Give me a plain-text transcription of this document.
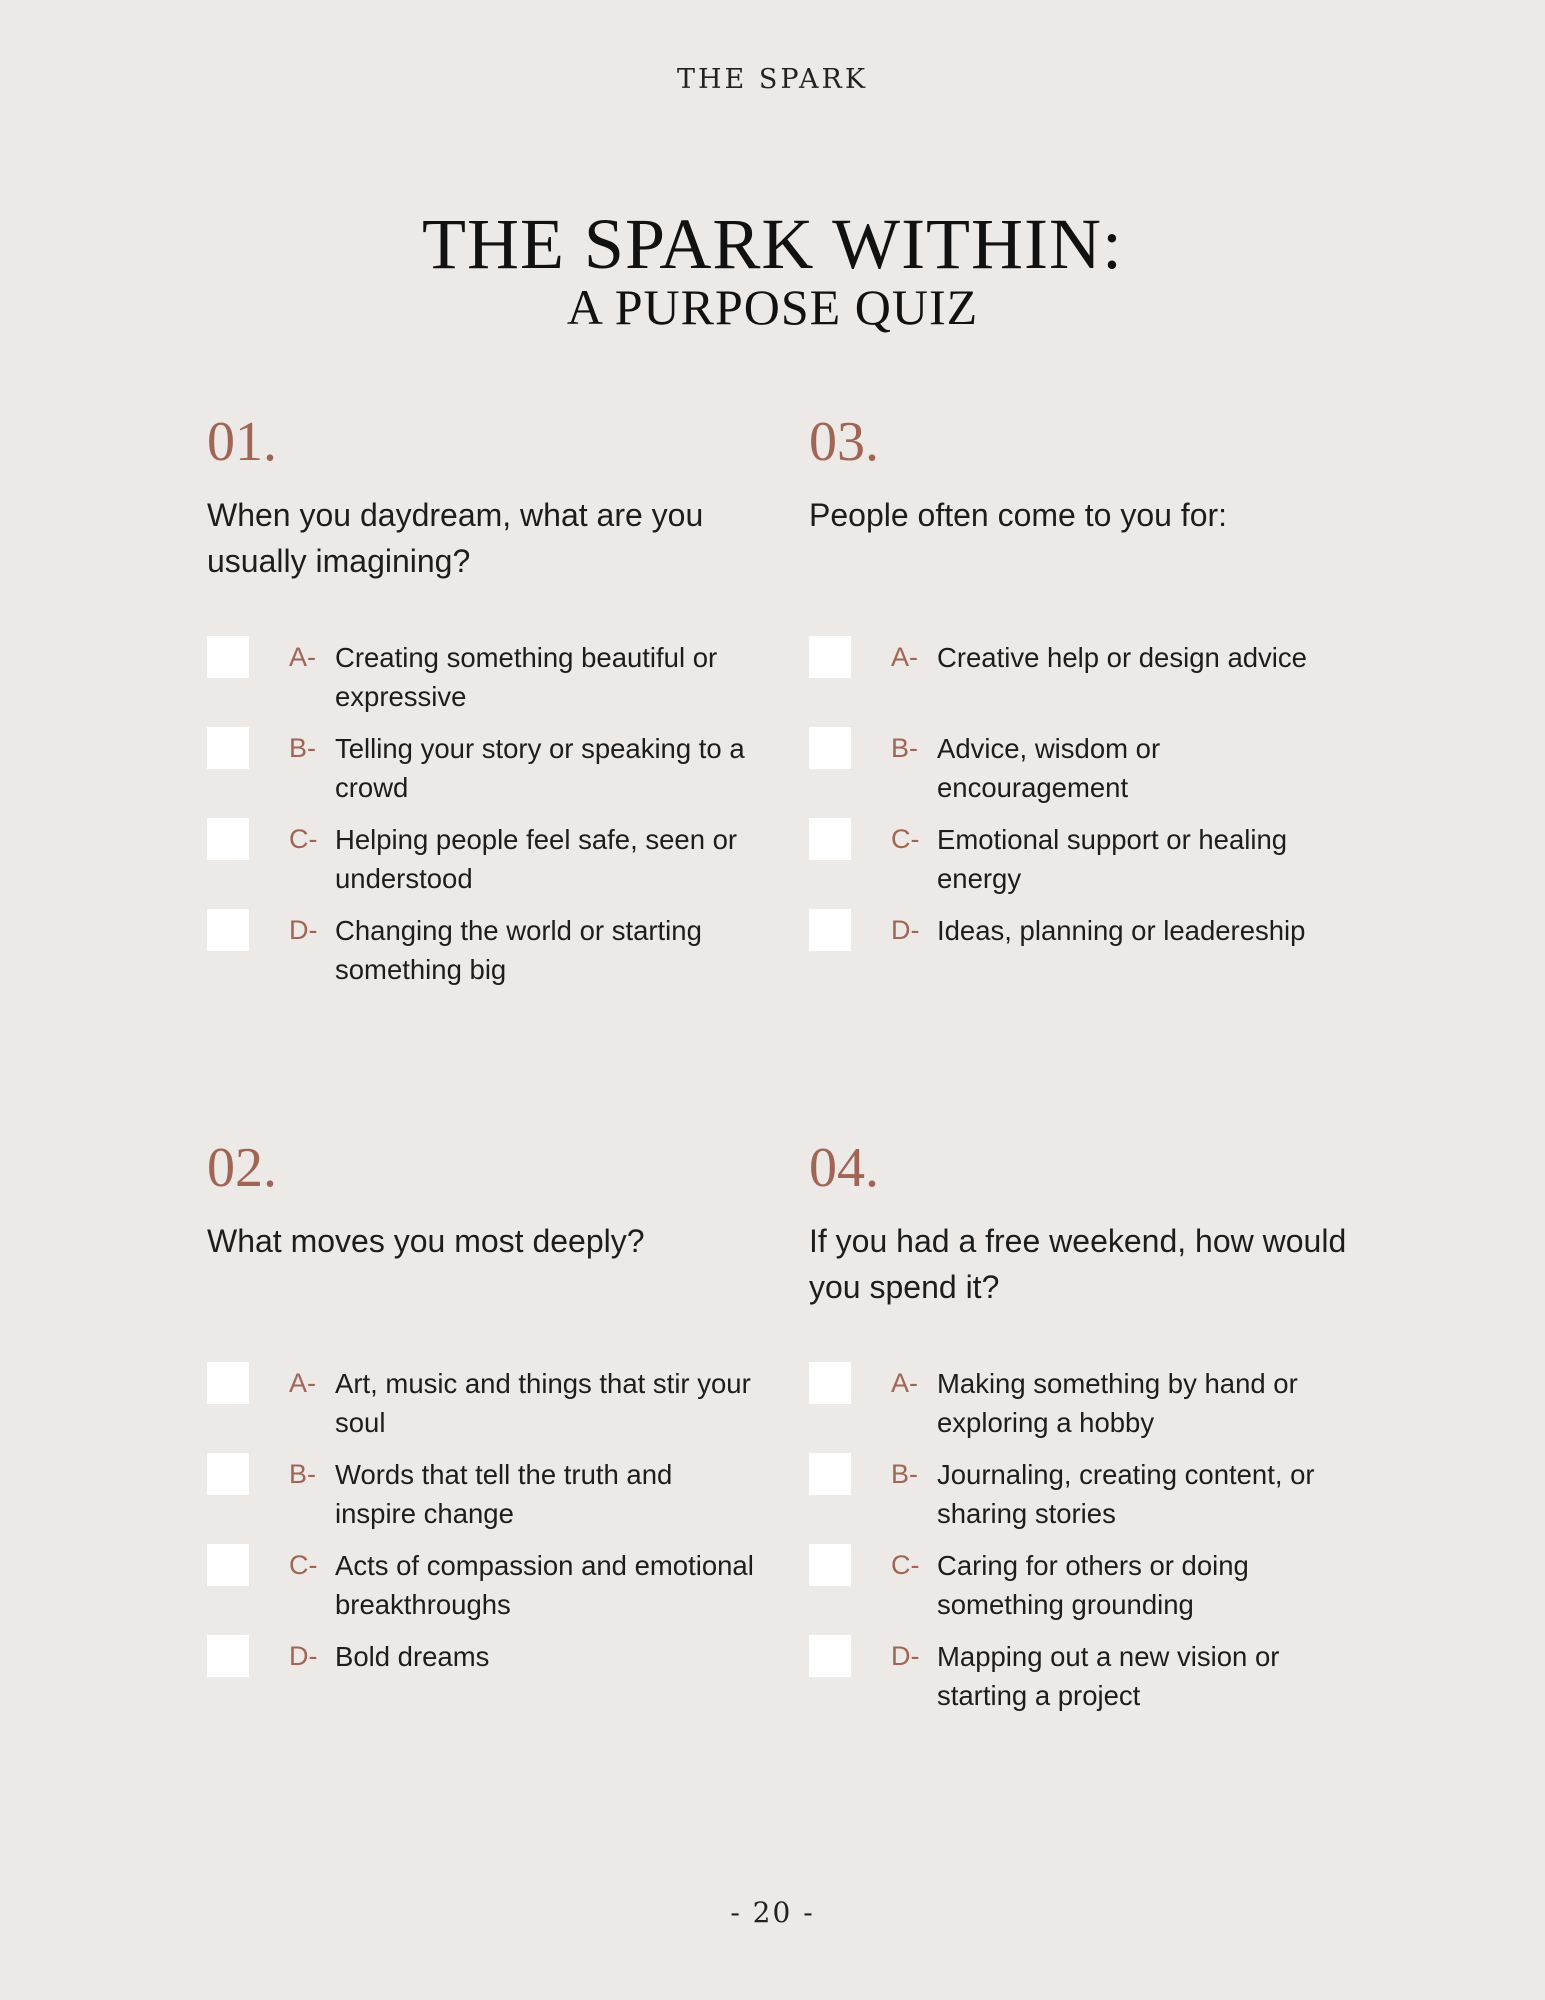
THE SPARK
THE SPARK WITHIN:
A PURPOSE QUIZ
01.
When you daydream, what are you usually imagining?
A- Creating something beautiful or expressive
B- Telling your story or speaking to a crowd
C- Helping people feel safe, seen or understood
D- Changing the world or starting something big
02.
What moves you most deeply?
A- Art, music and things that stir your soul
B- Words that tell the truth and inspire change
C- Acts of compassion and emotional breakthroughs
D- Bold dreams
03.
People often come to you for:
A- Creative help or design advice
B- Advice, wisdom or encouragement
C- Emotional support or healing energy
D- Ideas, planning or leadereship
04.
If you had a free weekend, how would you spend it?
A- Making something by hand or exploring a hobby
B- Journaling, creating content, or sharing stories
C- Caring for others or doing something grounding
D- Mapping out a new vision or starting a project
- 20 -
